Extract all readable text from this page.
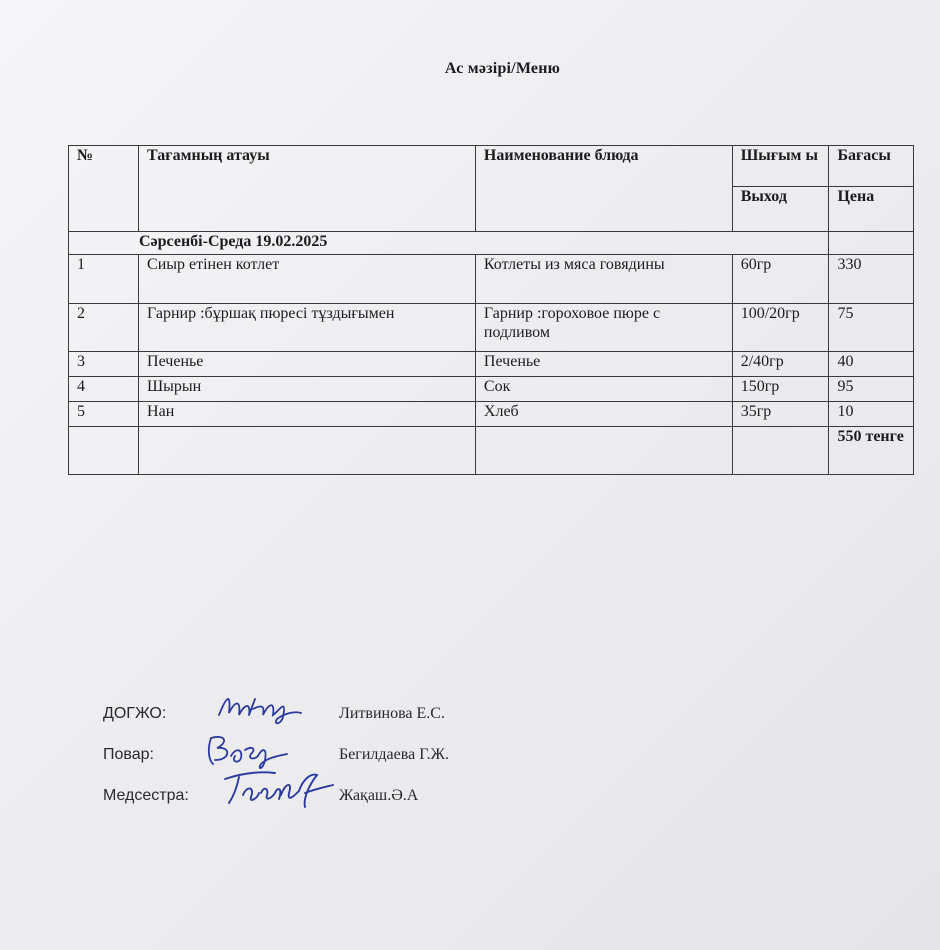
Ас мәзірі/Меню
№	Тағамның атауы	Наименование блюда	Шығым ы	Бағасы
			Выход	Цена
Сәрсенбі-Среда 19.02.2025				
1	Сиыр етінен котлет	Котлеты из мяса говядины	60гр	330
2	Гарнир :бұршақ пюресі тұздығымен	Гарнир :гороховое пюре с подливом	100/20гр	75
3	Печенье	Печенье	2/40гр	40
4	Шырын	Сок	150гр	95
5	Нан	Хлеб	35гр	10
				550 тенге
ДОГЖО:	Литвинова Е.С.
Повар:	Бегилдаева Г.Ж.
Медсестра:	Жақаш.Ә.А
